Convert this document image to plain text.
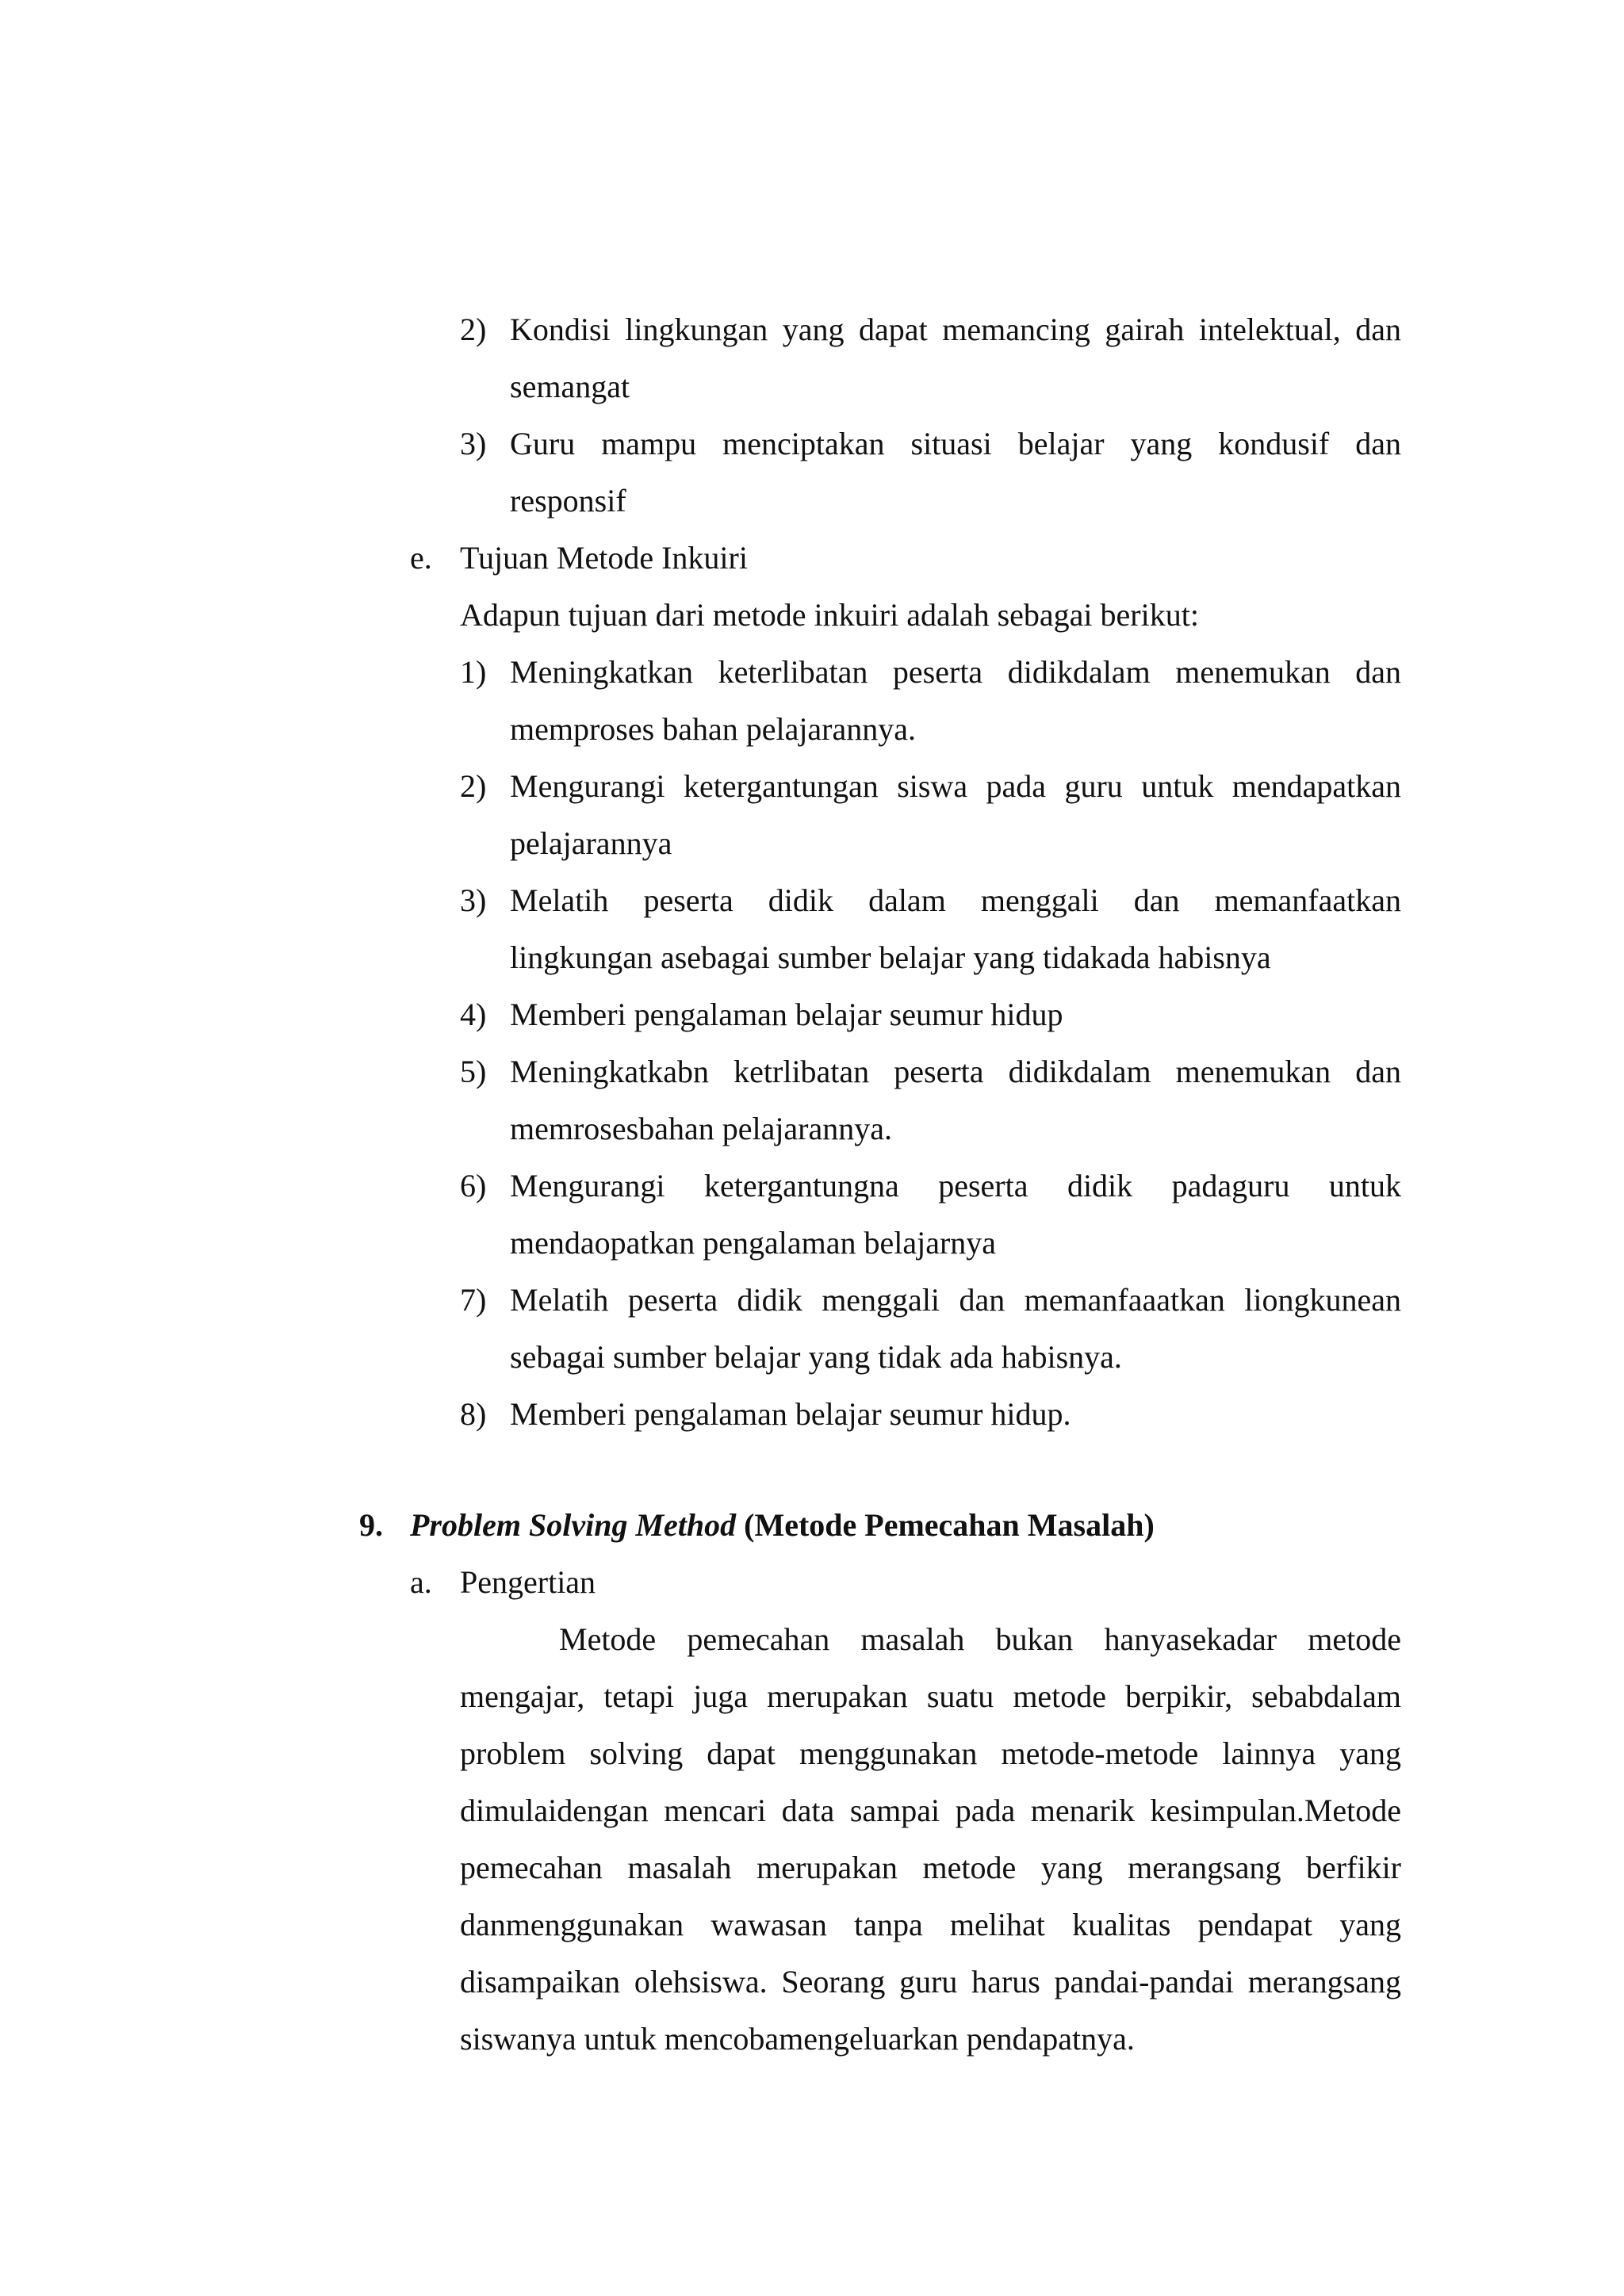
2) Kondisi lingkungan yang dapat memancing gairah intelektual, dan
semangat
3) Guru mampu menciptakan situasi belajar yang kondusif dan
responsif
e. Tujuan Metode Inkuiri
Adapun tujuan dari metode inkuiri adalah sebagai berikut:
1) Meningkatkan keterlibatan peserta didikdalam menemukan dan
memproses bahan pelajarannya.
2) Mengurangi ketergantungan siswa pada guru untuk mendapatkan
pelajarannya
3) Melatih peserta didik dalam menggali dan memanfaatkan
lingkungan asebagai sumber belajar yang tidakada habisnya
4) Memberi pengalaman belajar seumur hidup
5) Meningkatkabn ketrlibatan peserta didikdalam menemukan dan
memrosesbahan pelajarannya.
6) Mengurangi ketergantungna peserta didik padaguru untuk
mendaopatkan pengalaman belajarnya
7) Melatih peserta didik menggali dan memanfaaatkan liongkunean
sebagai sumber belajar yang tidak ada habisnya.
8) Memberi pengalaman belajar seumur hidup.
9. Problem Solving Method (Metode Pemecahan Masalah)
a. Pengertian
Metode pemecahan masalah bukan hanyasekadar metode
mengajar, tetapi juga merupakan suatu metode berpikir, sebabdalam
problem solving dapat menggunakan metode-metode lainnya yang
dimulaidengan mencari data sampai pada menarik kesimpulan.Metode
pemecahan masalah merupakan metode yang merangsang berfikir
danmenggunakan wawasan tanpa melihat kualitas pendapat yang
disampaikan olehsiswa. Seorang guru harus pandai-pandai merangsang
siswanya untuk mencobamengeluarkan pendapatnya.
